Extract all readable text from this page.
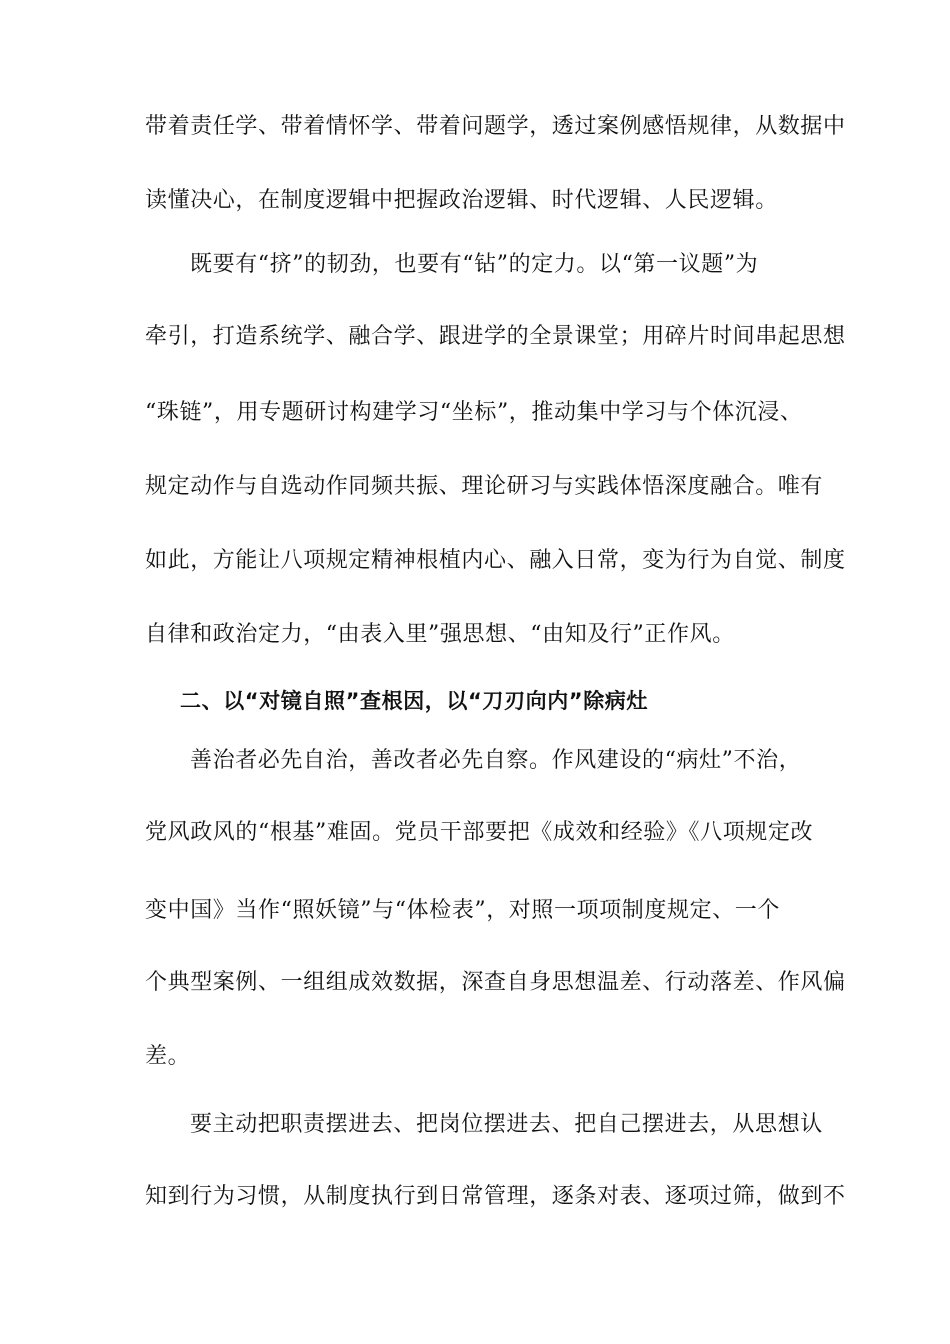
带着责任学、带着情怀学、带着问题学，透过案例感悟规律，从数据中
读懂决心，在制度逻辑中把握政治逻辑、时代逻辑、人民逻辑。
既要有“挤”的韧劲，也要有“钻”的定力。以“第一议题”为
牵引，打造系统学、融合学、跟进学的全景课堂；用碎片时间串起思想
“珠链”，用专题研讨构建学习“坐标”，推动集中学习与个体沉浸、
规定动作与自选动作同频共振、理论研习与实践体悟深度融合。唯有
如此，方能让八项规定精神根植内心、融入日常，变为行为自觉、制度
自律和政治定力，“由表入里”强思想、“由知及行”正作风。
二、以“对镜自照”查根因，以“刀刃向内”除病灶
善治者必先自治，善改者必先自察。作风建设的“病灶”不治，
党风政风的“根基”难固。党员干部要把《成效和经验》《八项规定改
变中国》当作“照妖镜”与“体检表”，对照一项项制度规定、一个
个典型案例、一组组成效数据，深查自身思想温差、行动落差、作风偏
差。
要主动把职责摆进去、把岗位摆进去、把自己摆进去，从思想认
知到行为习惯，从制度执行到日常管理，逐条对表、逐项过筛，做到不
